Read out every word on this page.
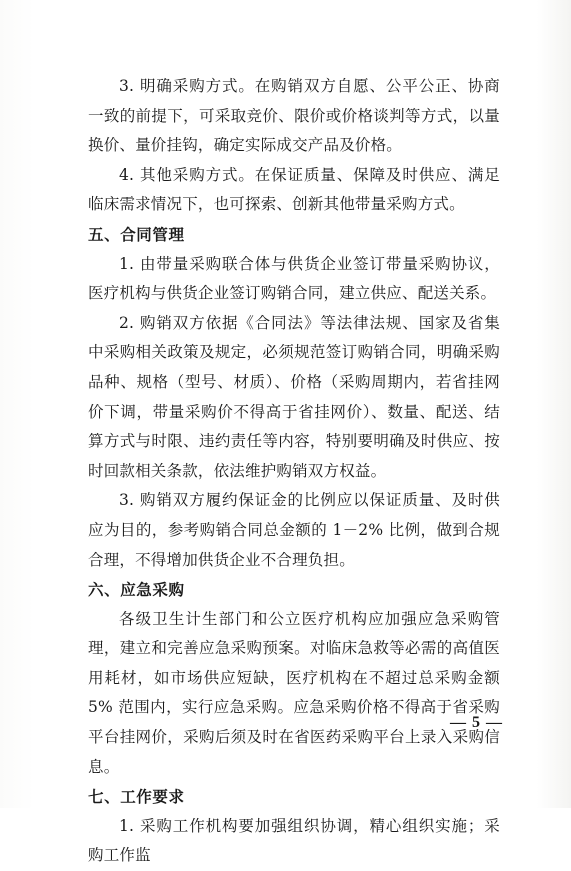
3. 明确采购方式。在购销双方自愿、公平公正、协商一致的前提下，可采取竞价、限价或价格谈判等方式，以量换价、量价挂钩，确定实际成交产品及价格。

4. 其他采购方式。在保证质量、保障及时供应、满足临床需求情况下，也可探索、创新其他带量采购方式。

五、合同管理

1. 由带量采购联合体与供货企业签订带量采购协议，医疗机构与供货企业签订购销合同，建立供应、配送关系。

2. 购销双方依据《合同法》等法律法规、国家及省集中采购相关政策及规定，必须规范签订购销合同，明确采购品种、规格（型号、材质）、价格（采购周期内，若省挂网价下调，带量采购价不得高于省挂网价）、数量、配送、结算方式与时限、违约责任等内容，特别要明确及时供应、按时回款相关条款，依法维护购销双方权益。

3. 购销双方履约保证金的比例应以保证质量、及时供应为目的，参考购销合同总金额的 1－2% 比例，做到合规合理，不得增加供货企业不合理负担。

六、应急采购

各级卫生计生部门和公立医疗机构应加强应急采购管理，建立和完善应急采购预案。对临床急救等必需的高值医用耗材，如市场供应短缺，医疗机构在不超过总采购金额 5% 范围内，实行应急采购。应急采购价格不得高于省采购平台挂网价，采购后须及时在省医药采购平台上录入采购信息。

七、工作要求

1. 采购工作机构要加强组织协调，精心组织实施；采购工作监

— 5 —
